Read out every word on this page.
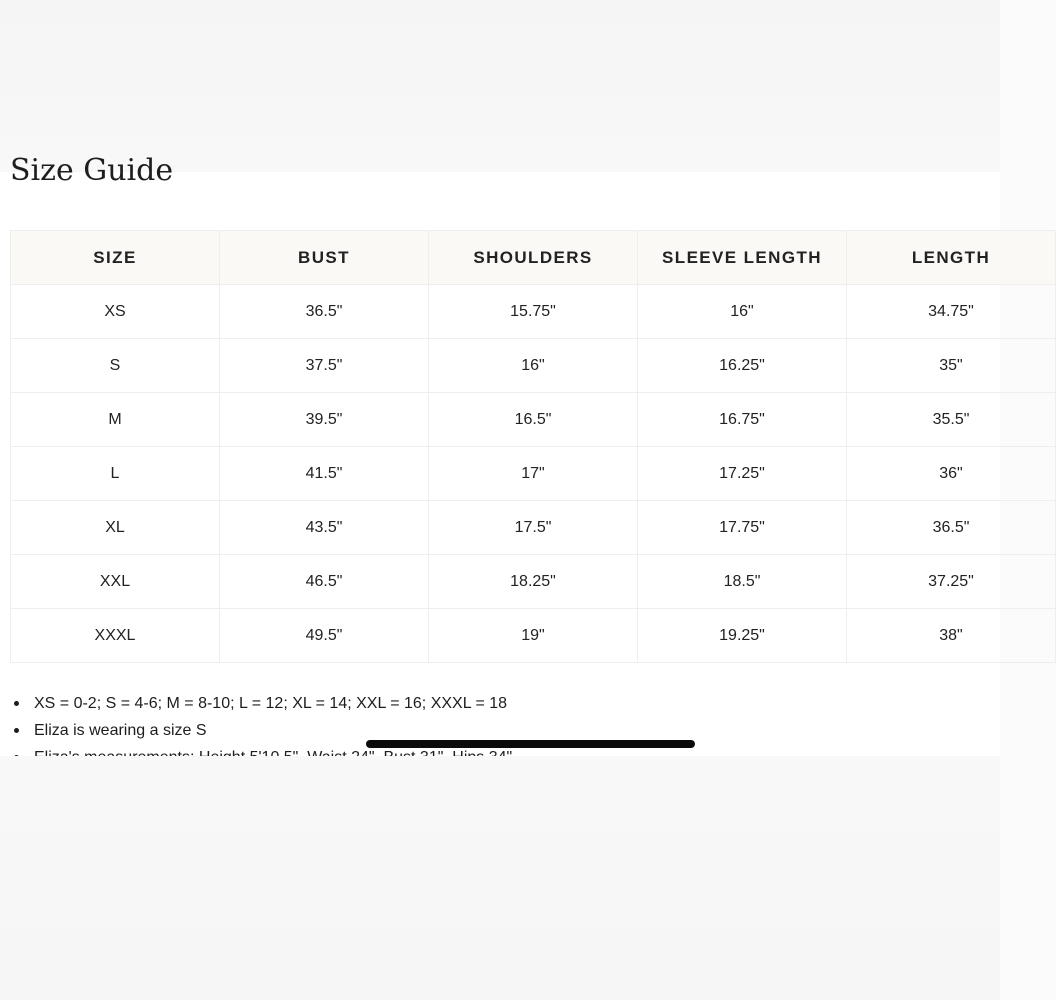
Size Guide
SIZE	BUST	SHOULDERS	SLEEVE LENGTH	LENGTH
XS	36.5"	15.75"	16"	34.75"
S	37.5"	16"	16.25"	35"
M	39.5"	16.5"	16.75"	35.5"
L	41.5"	17"	17.25"	36"
XL	43.5"	17.5"	17.75"	36.5"
XXL	46.5"	18.25"	18.5"	37.25"
XXXL	49.5"	19"	19.25"	38"
XS = 0-2; S = 4-6; M = 8-10; L = 12; XL = 14; XXL = 16; XXXL = 18
Eliza is wearing a size S
